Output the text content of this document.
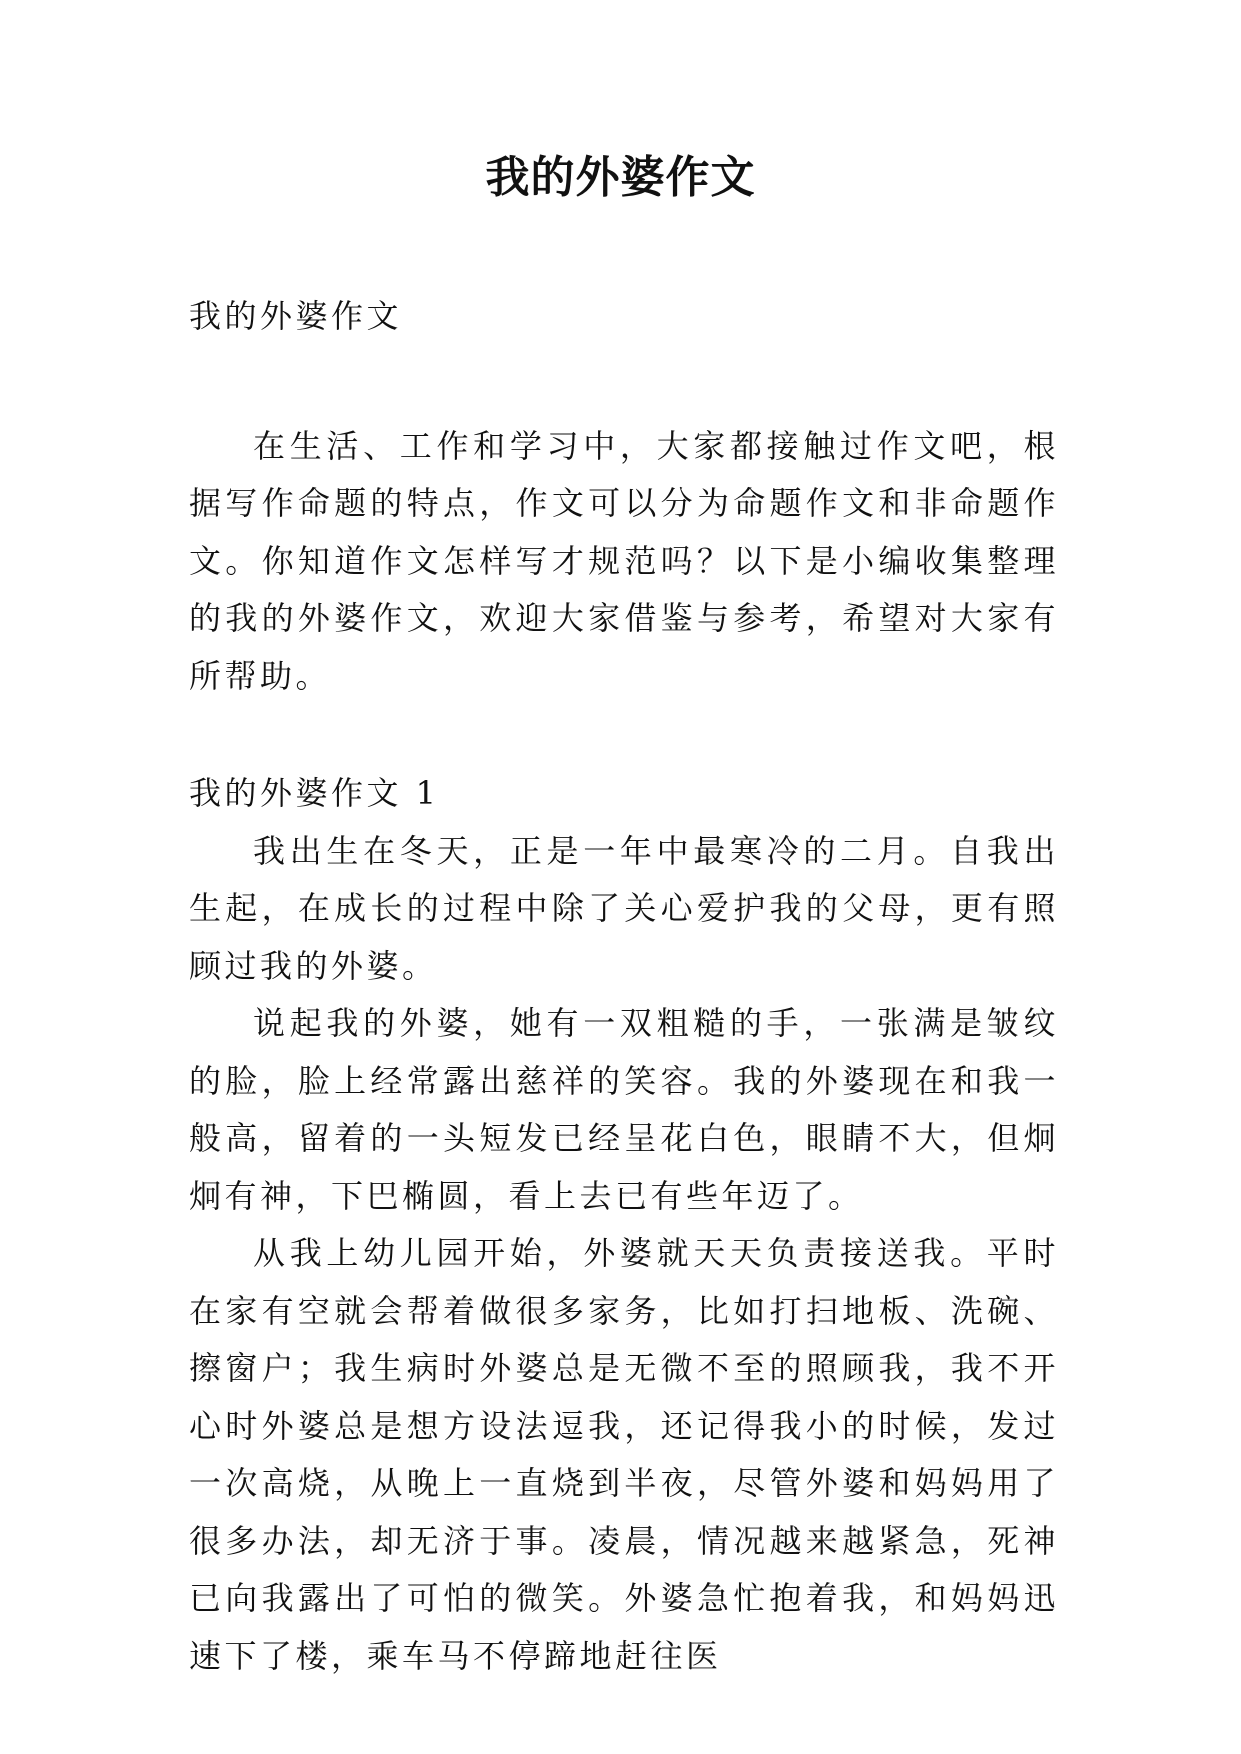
我的外婆作文

我的外婆作文

在生活、工作和学习中，大家都接触过作文吧，根据写作命题的特点，作文可以分为命题作文和非命题作文。你知道作文怎样写才规范吗？以下是小编收集整理的我的外婆作文，欢迎大家借鉴与参考，希望对大家有所帮助。

我的外婆作文 1

我出生在冬天，正是一年中最寒冷的二月。自我出生起，在成长的过程中除了关心爱护我的父母，更有照顾过我的外婆。

说起我的外婆，她有一双粗糙的手，一张满是皱纹的脸，脸上经常露出慈祥的笑容。我的外婆现在和我一般高，留着的一头短发已经呈花白色，眼睛不大，但炯炯有神，下巴椭圆，看上去已有些年迈了。

从我上幼儿园开始，外婆就天天负责接送我。平时在家有空就会帮着做很多家务，比如打扫地板、洗碗、擦窗户；我生病时外婆总是无微不至的照顾我，我不开心时外婆总是想方设法逗我，还记得我小的时候，发过一次高烧，从晚上一直烧到半夜，尽管外婆和妈妈用了很多办法，却无济于事。凌晨，情况越来越紧急，死神已向我露出了可怕的微笑。外婆急忙抱着我，和妈妈迅速下了楼，乘车马不停蹄地赶往医
